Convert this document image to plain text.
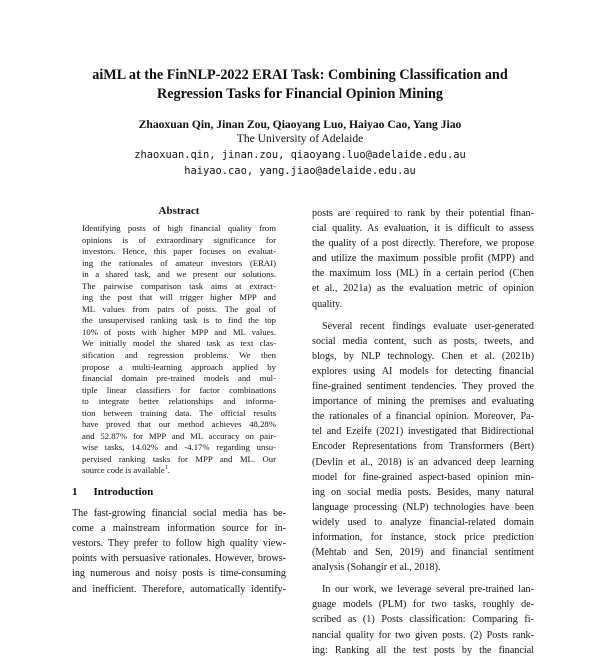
aiML at the FinNLP-2022 ERAI Task: Combining Classification and
Regression Tasks for Financial Opinion Mining
Zhaoxuan Qin, Jinan Zou, Qiaoyang Luo, Haiyao Cao, Yang Jiao
The University of Adelaide
zhaoxuan.qin, jinan.zou, qiaoyang.luo@adelaide.edu.au
haiyao.cao, yang.jiao@adelaide.edu.au
Abstract
Identifying posts of high financial quality from
opinions is of extraordinary significance for
investors. Hence, this paper focuses on evaluat-
ing the rationales of amateur investors (ERAI)
in a shared task, and we present our solutions.
The pairwise comparison task aims at extract-
ing the post that will trigger higher MPP and
ML values from pairs of posts. The goal of
the unsupervised ranking task is to find the top
10% of posts with higher MPP and ML values.
We initially model the shared task as text clas-
sification and regression problems. We then
propose a multi-learning approach applied by
financial domain pre-trained models and mul-
tiple linear classifiers for factor combinations
to integrate better relationships and informa-
tion between training data. The official results
have proved that our method achieves 48.28%
and 52.87% for MPP and ML accuracy on pair-
wise tasks, 14.02% and -4.17% regarding unsu-
pervised ranking tasks for MPP and ML. Our
source code is available$^1$.
1 Introduction
The fast-growing financial social media has be-
come a mainstream information source for in-
vestors. They prefer to follow high quality view-
points with persuasive rationales. However, brows-
ing numerous and noisy posts is time-consuming
and inefficient. Therefore, automatically identify-
posts are required to rank by their potential finan-
cial quality. As evaluation, it is difficult to assess
the quality of a post directly. Therefore, we propose
and utilize the maximum possible profit (MPP) and
the maximum loss (ML) in a certain period (Chen
et al., 2021a) as the evaluation metric of opinion
quality.
Several recent findings evaluate user-generated
social media content, such as posts, tweets, and
blogs, by NLP technology. Chen et al. (2021b)
explores using AI models for detecting financial
fine-grained sentiment tendencies. They proved the
importance of mining the premises and evaluating
the rationales of a financial opinion. Moreover, Pa-
tel and Ezeife (2021) investigated that Bidirectional
Encoder Representations from Transformers (Bert)
(Devlin et al., 2018) is an advanced deep learning
model for fine-grained aspect-based opinion min-
ing on social media posts. Besides, many natural
language processing (NLP) technologies have been
widely used to analyze financial-related domain
information, for instance, stock price prediction
(Mehtab and Sen, 2019) and financial sentiment
analysis (Sohangir et al., 2018).
In our work, we leverage several pre-trained lan-
guage models (PLM) for two tasks, roughly de-
scribed as (1) Posts classification: Comparing fi-
nancial quality for two given posts. (2) Posts rank-
ing: Ranking all the test posts by the financial
